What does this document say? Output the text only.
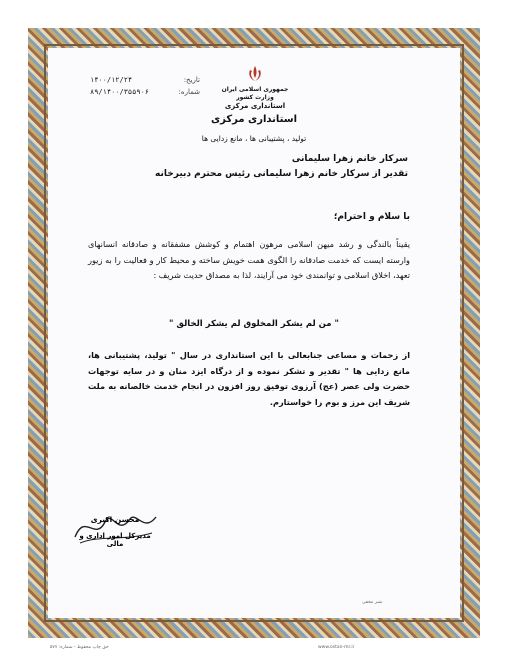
جمهوری اسلامی ایران
وزارت کشور
استانداری مرکزی
تاریخ:
۱۴۰۰/۱۲/۲۴
شماره:
۸۹/۱۴۰۰/۳۵۵۹۰۶
استانداری مرکزی
تولید ، پشتیبانی ها ، مانع زدایی ها
سرکار خانم زهرا سلیمانی
تقدیر از سرکار خانم زهرا سلیمانی رئیس محترم دبیرخانه
با سلام و احترام؛
یقیناً بالندگی و رشد میهن اسلامی مرهون اهتمام و کوشش مشفقانه و صادقانه انسانهای وارسته ایست که خدمت صادقانه را الگوی همت خویش ساخته و محیط کار و فعالیت را به زیور تعهد، اخلاق اسلامی و توانمندی خود می آرایند، لذا به مصداق حدیث شریف :
" من لم یشکر المخلوق لم یشکر الخالق "
از زحمات و مساعی جنابعالی با این استانداری در سال " تولید، پشتیبانی ها، مانع زدایی ها " تقدیر و تشکر نموده و از درگاه ایزد منان و در سایه توجهات حضرت ولی عصر (عج) آرزوی توفیق روز افزون در انجام خدمت خالصانه به ملت شریف این مرز و بوم را خواستارم.
محسن اکبری
مدیرکل امور اداری و مالی
نشر مخفی
www.ostan-mr.ir
حق چاپ محفوظ - شماره: ۵۷۷
